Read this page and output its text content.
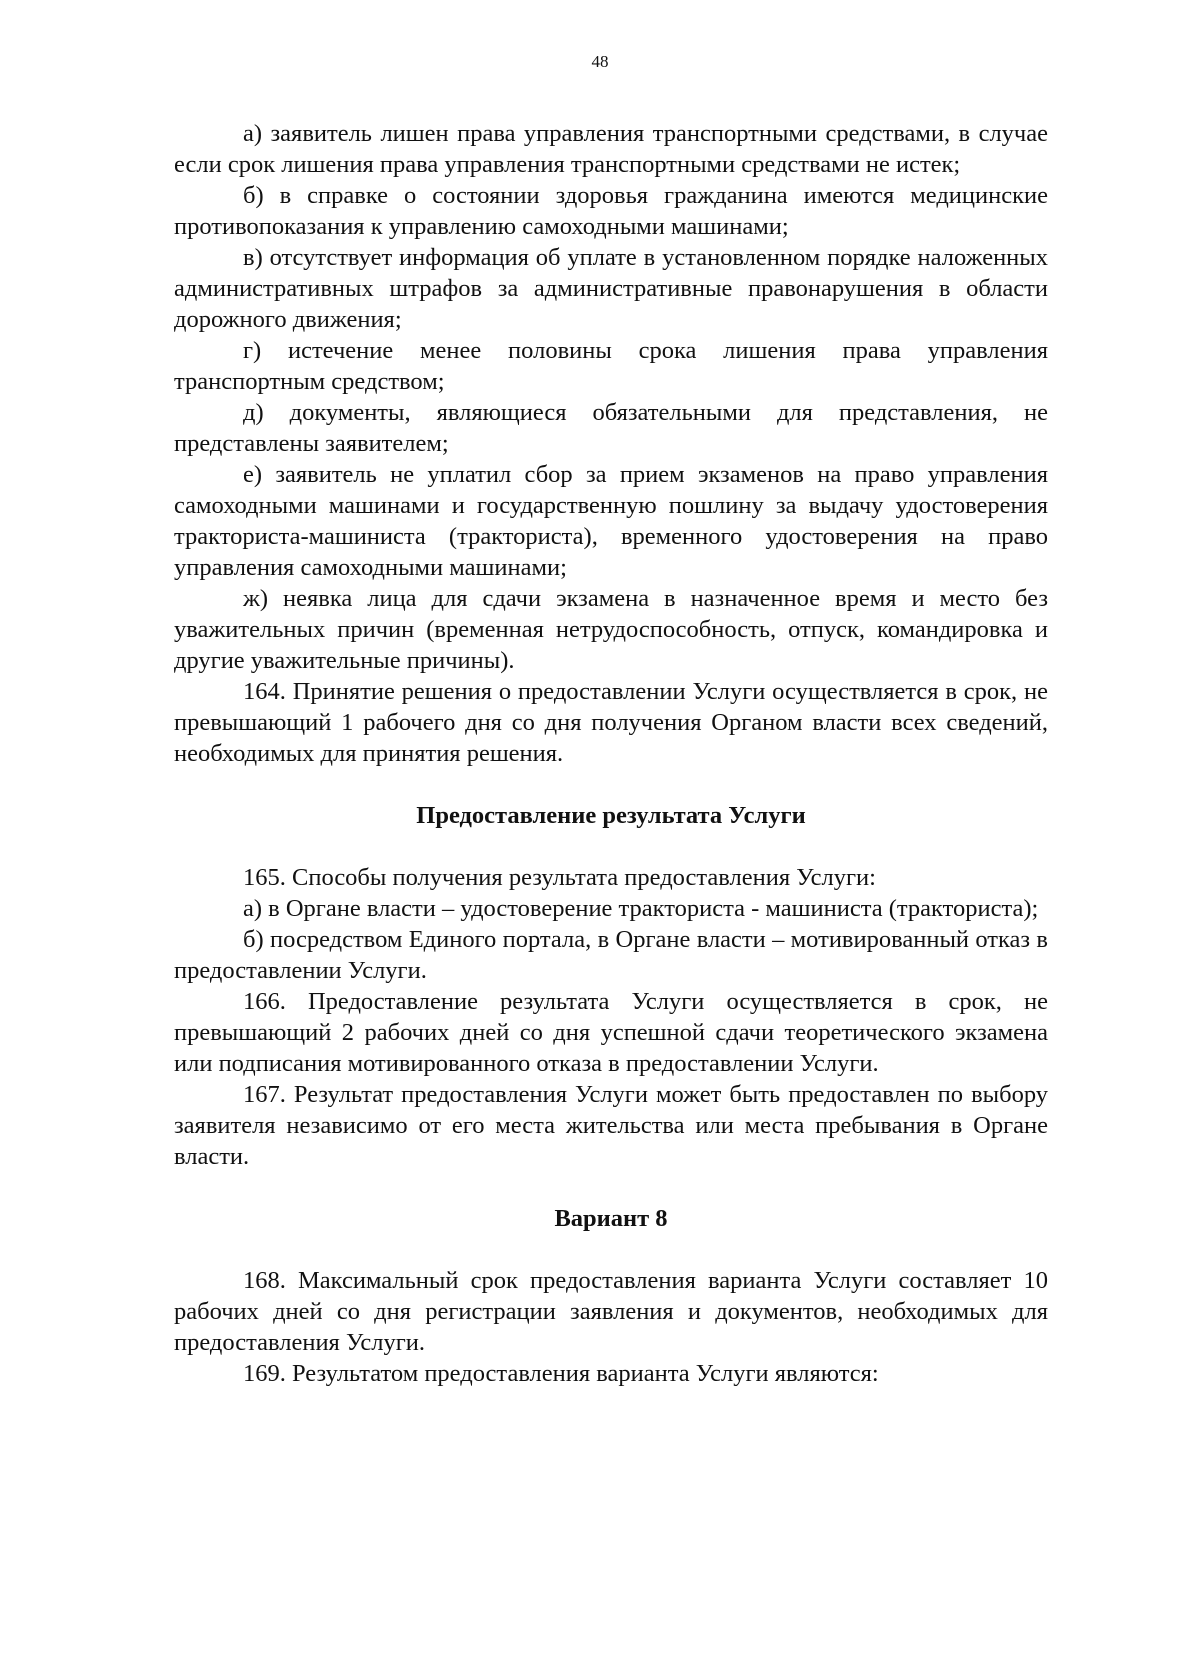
48

а) заявитель лишен права управления транспортными средствами, в случае если срок лишения права управления транспортными средствами не истек;

б) в справке о состоянии здоровья гражданина имеются медицинские противопоказания к управлению самоходными машинами;

в) отсутствует информация об уплате в установленном порядке наложенных административных штрафов за административные правонарушения в области дорожного движения;

г) истечение менее половины срока лишения права управления транспортным средством;

д) документы, являющиеся обязательными для представления, не представлены заявителем;

е) заявитель не уплатил сбор за прием экзаменов на право управления самоходными машинами и государственную пошлину за выдачу удостоверения тракториста-машиниста (тракториста), временного удостоверения на право управления самоходными машинами;

ж) неявка лица для сдачи экзамена в назначенное время и место без уважительных причин (временная нетрудоспособность, отпуск, командировка и другие уважительные причины).

164. Принятие решения о предоставлении Услуги осуществляется в срок, не превышающий 1 рабочего дня со дня получения Органом власти всех сведений, необходимых для принятия решения.

Предоставление результата Услуги

165. Способы получения результата предоставления Услуги:

а) в Органе власти – удостоверение тракториста - машиниста (тракториста);

б) посредством Единого портала, в Органе власти – мотивированный отказ в предоставлении Услуги.

166. Предоставление результата Услуги осуществляется в срок, не превышающий 2 рабочих дней со дня успешной сдачи теоретического экзамена или подписания мотивированного отказа в предоставлении Услуги.

167. Результат предоставления Услуги может быть предоставлен по выбору заявителя независимо от его места жительства или места пребывания в Органе власти.

Вариант 8

168. Максимальный срок предоставления варианта Услуги составляет 10 рабочих дней со дня регистрации заявления и документов, необходимых для предоставления Услуги.

169. Результатом предоставления варианта Услуги являются:
